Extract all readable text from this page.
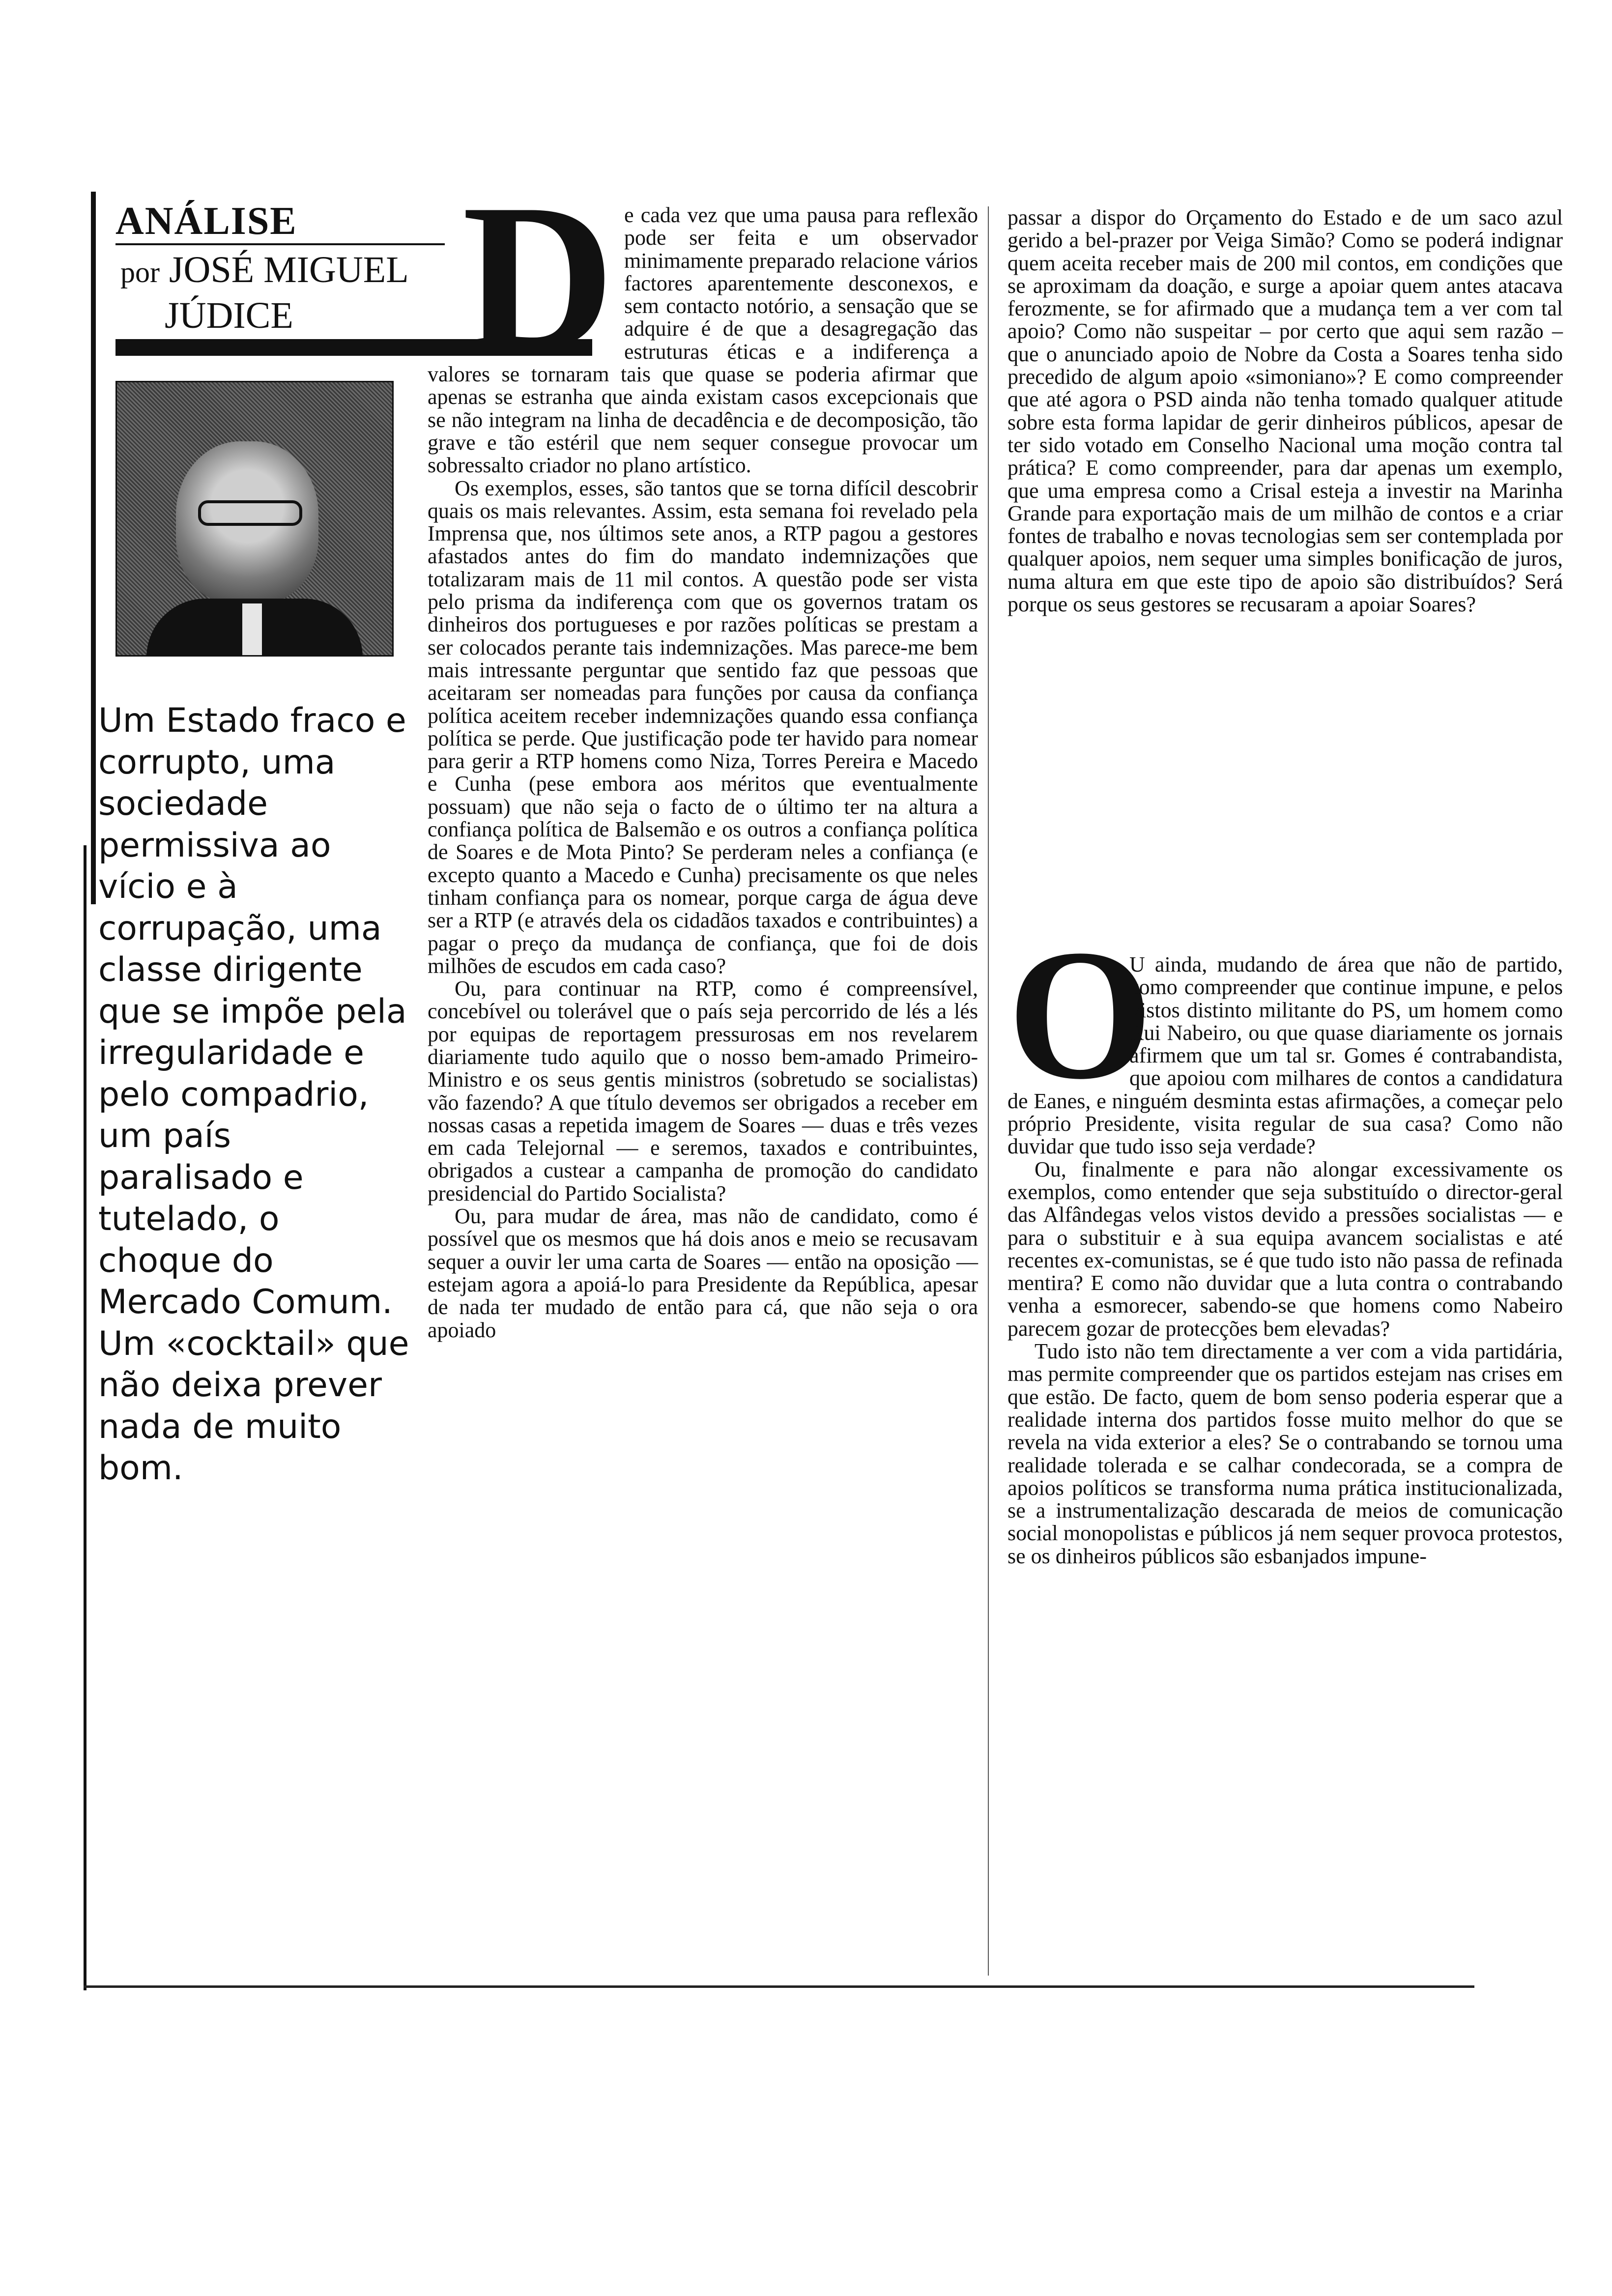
ANÁLISE
por JOSÉ MIGUEL
JÚDICE
Um Estado fraco e corrupto, uma sociedade permissiva ao vício e à corrupação, uma classe dirigente que se impõe pela irregularidade e pelo compadrio, um país paralisado e tutelado, o choque do Mercado Comum. Um «cocktail» que não deixa prever nada de muito bom.
D e cada vez que uma pausa para reflexão pode ser feita e um observador minimamente preparado relacione vários factores aparentemente desconexos, e sem contacto notório, a sensação que se adquire é de que a desagregação das estruturas éticas e a indiferença a valores se tornaram tais que quase se poderia afirmar que apenas se estranha que ainda existam casos excepcionais que se não integram na linha de decadência e de decomposição, tão grave e tão estéril que nem sequer consegue provocar um sobressalto criador no plano artístico.

Os exemplos, esses, são tantos que se torna difícil descobrir quais os mais relevantes. Assim, esta semana foi revelado pela Imprensa que, nos últimos sete anos, a RTP pagou a gestores afastados antes do fim do mandato indemnizações que totalizaram mais de 11 mil contos. A questão pode ser vista pelo prisma da indiferença com que os governos tratam os dinheiros dos portugueses e por razões políticas se prestam a ser colocados perante tais indemnizações. Mas parece-me bem mais intressante perguntar que sentido faz que pessoas que aceitaram ser nomeadas para funções por causa da confiança política aceitem receber indemnizações quando essa confiança política se perde. Que justificação pode ter havido para nomear para gerir a RTP homens como Niza, Torres Pereira e Macedo e Cunha (pese embora aos méritos que eventualmente possuam) que não seja o facto de o último ter na altura a confiança política de Balsemão e os outros a confiança política de Soares e de Mota Pinto? Se perderam neles a confiança (e excepto quanto a Macedo e Cunha) precisamente os que neles tinham confiança para os nomear, porque carga de água deve ser a RTP (e através dela os cidadãos taxados e contribuintes) a pagar o preço da mudança de confiança, que foi de dois milhões de escudos em cada caso?

Ou, para continuar na RTP, como é compreensível, concebível ou tolerável que o país seja percorrido de lés a lés por equipas de reportagem pressurosas em nos revelarem diariamente tudo aquilo que o nosso bem-amado Primeiro-Ministro e os seus gentis ministros (sobretudo se socialistas) vão fazendo? A que título devemos ser obrigados a receber em nossas casas a repetida imagem de Soares — duas e três vezes em cada Telejornal — e seremos, taxados e contribuintes, obrigados a custear a campanha de promoção do candidato presidencial do Partido Socialista?

Ou, para mudar de área, mas não de candidato, como é possível que os mesmos que há dois anos e meio se recusavam sequer a ouvir ler uma carta de Soares — então na oposição — estejam agora a apoiá-lo para Presidente da República, apesar de nada ter mudado de então para cá, que não seja o ora apoiado

passar a dispor do Orçamento do Estado e de um saco azul gerido a bel-prazer por Veiga Simão? Como se poderá indignar quem aceita receber mais de 200 mil contos, em condições que se aproximam da doação, e surge a apoiar quem antes atacava ferozmente, se for afirmado que a mudança tem a ver com tal apoio? Como não suspeitar – por certo que aqui sem razão – que o anunciado apoio de Nobre da Costa a Soares tenha sido precedido de algum apoio «simoniano»? E como compreender que até agora o PSD ainda não tenha tomado qualquer atitude sobre esta forma lapidar de gerir dinheiros públicos, apesar de ter sido votado em Conselho Nacional uma moção contra tal prática? E como compreender, para dar apenas um exemplo, que uma empresa como a Crisal esteja a investir na Marinha Grande para exportação mais de um milhão de contos e a criar fontes de trabalho e novas tecnologias sem ser contemplada por qualquer apoios, nem sequer uma simples bonificação de juros, numa altura em que este tipo de apoio são distribuídos? Será porque os seus gestores se recusaram a apoiar Soares?

O

U ainda, mudando de área que não de partido, como compreender que continue impune, e pelos vistos distinto militante do PS, um homem como Rui Nabeiro, ou que quase diariamente os jornais afirmem que um tal sr. Gomes é contrabandista, que apoiou com milhares de contos a candidatura de Eanes, e ninguém desminta estas afirmações, a começar pelo próprio Presidente, visita regular de sua casa? Como não duvidar que tudo isso seja verdade?

Ou, finalmente e para não alongar excessivamente os exemplos, como entender que seja substituído o director-geral das Alfândegas velos vistos devido a pressões socialistas — e para o substituir e à sua equipa avancem socialistas e até recentes ex-comunistas, se é que tudo isto não passa de refinada mentira? E como não duvidar que a luta contra o contrabando venha a esmorecer, sabendo-se que homens como Nabeiro parecem gozar de protecções bem elevadas?

Tudo isto não tem directamente a ver com a vida partidária, mas permite compreender que os partidos estejam nas crises em que estão. De facto, quem de bom senso poderia esperar que a realidade interna dos partidos fosse muito melhor do que se revela na vida exterior a eles? Se o contrabando se tornou uma realidade tolerada e se calhar condecorada, se a compra de apoios políticos se transforma numa prática institucionalizada, se a instrumentalização descarada de meios de comunicação social monopolistas e públicos já nem sequer provoca protestos, se os dinheiros públicos são esbanjados impune-
